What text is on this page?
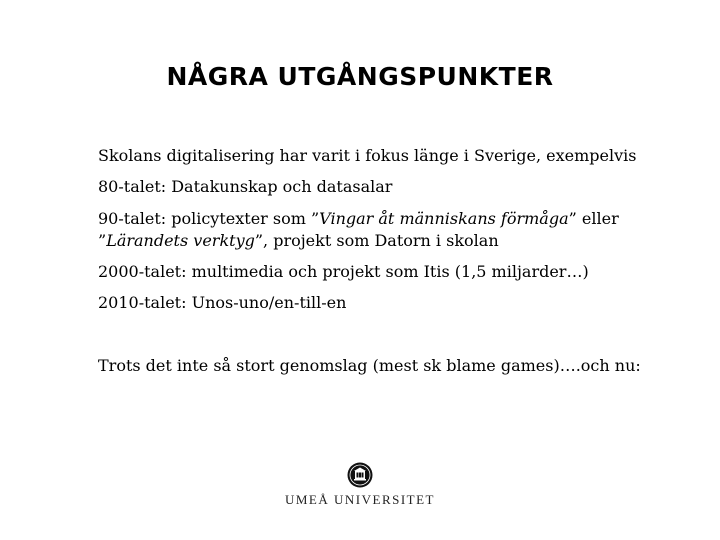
NÅGRA UTGÅNGSPUNKTER

Skolans digitalisering har varit i fokus länge i Sverige, exempelvis

80-talet: Datakunskap och datasalar

90-talet: policytexter som ”Vingar åt människans förmåga” eller

”Lärandets verktyg”, projekt som Datorn i skolan

2000-talet: multimedia och projekt som Itis (1,5 miljarder…)

2010-talet: Unos-uno/en-till-en

Trots det inte så stort genomslag (mest sk blame games)….och nu:

UMEÅ UNIVERSITET
